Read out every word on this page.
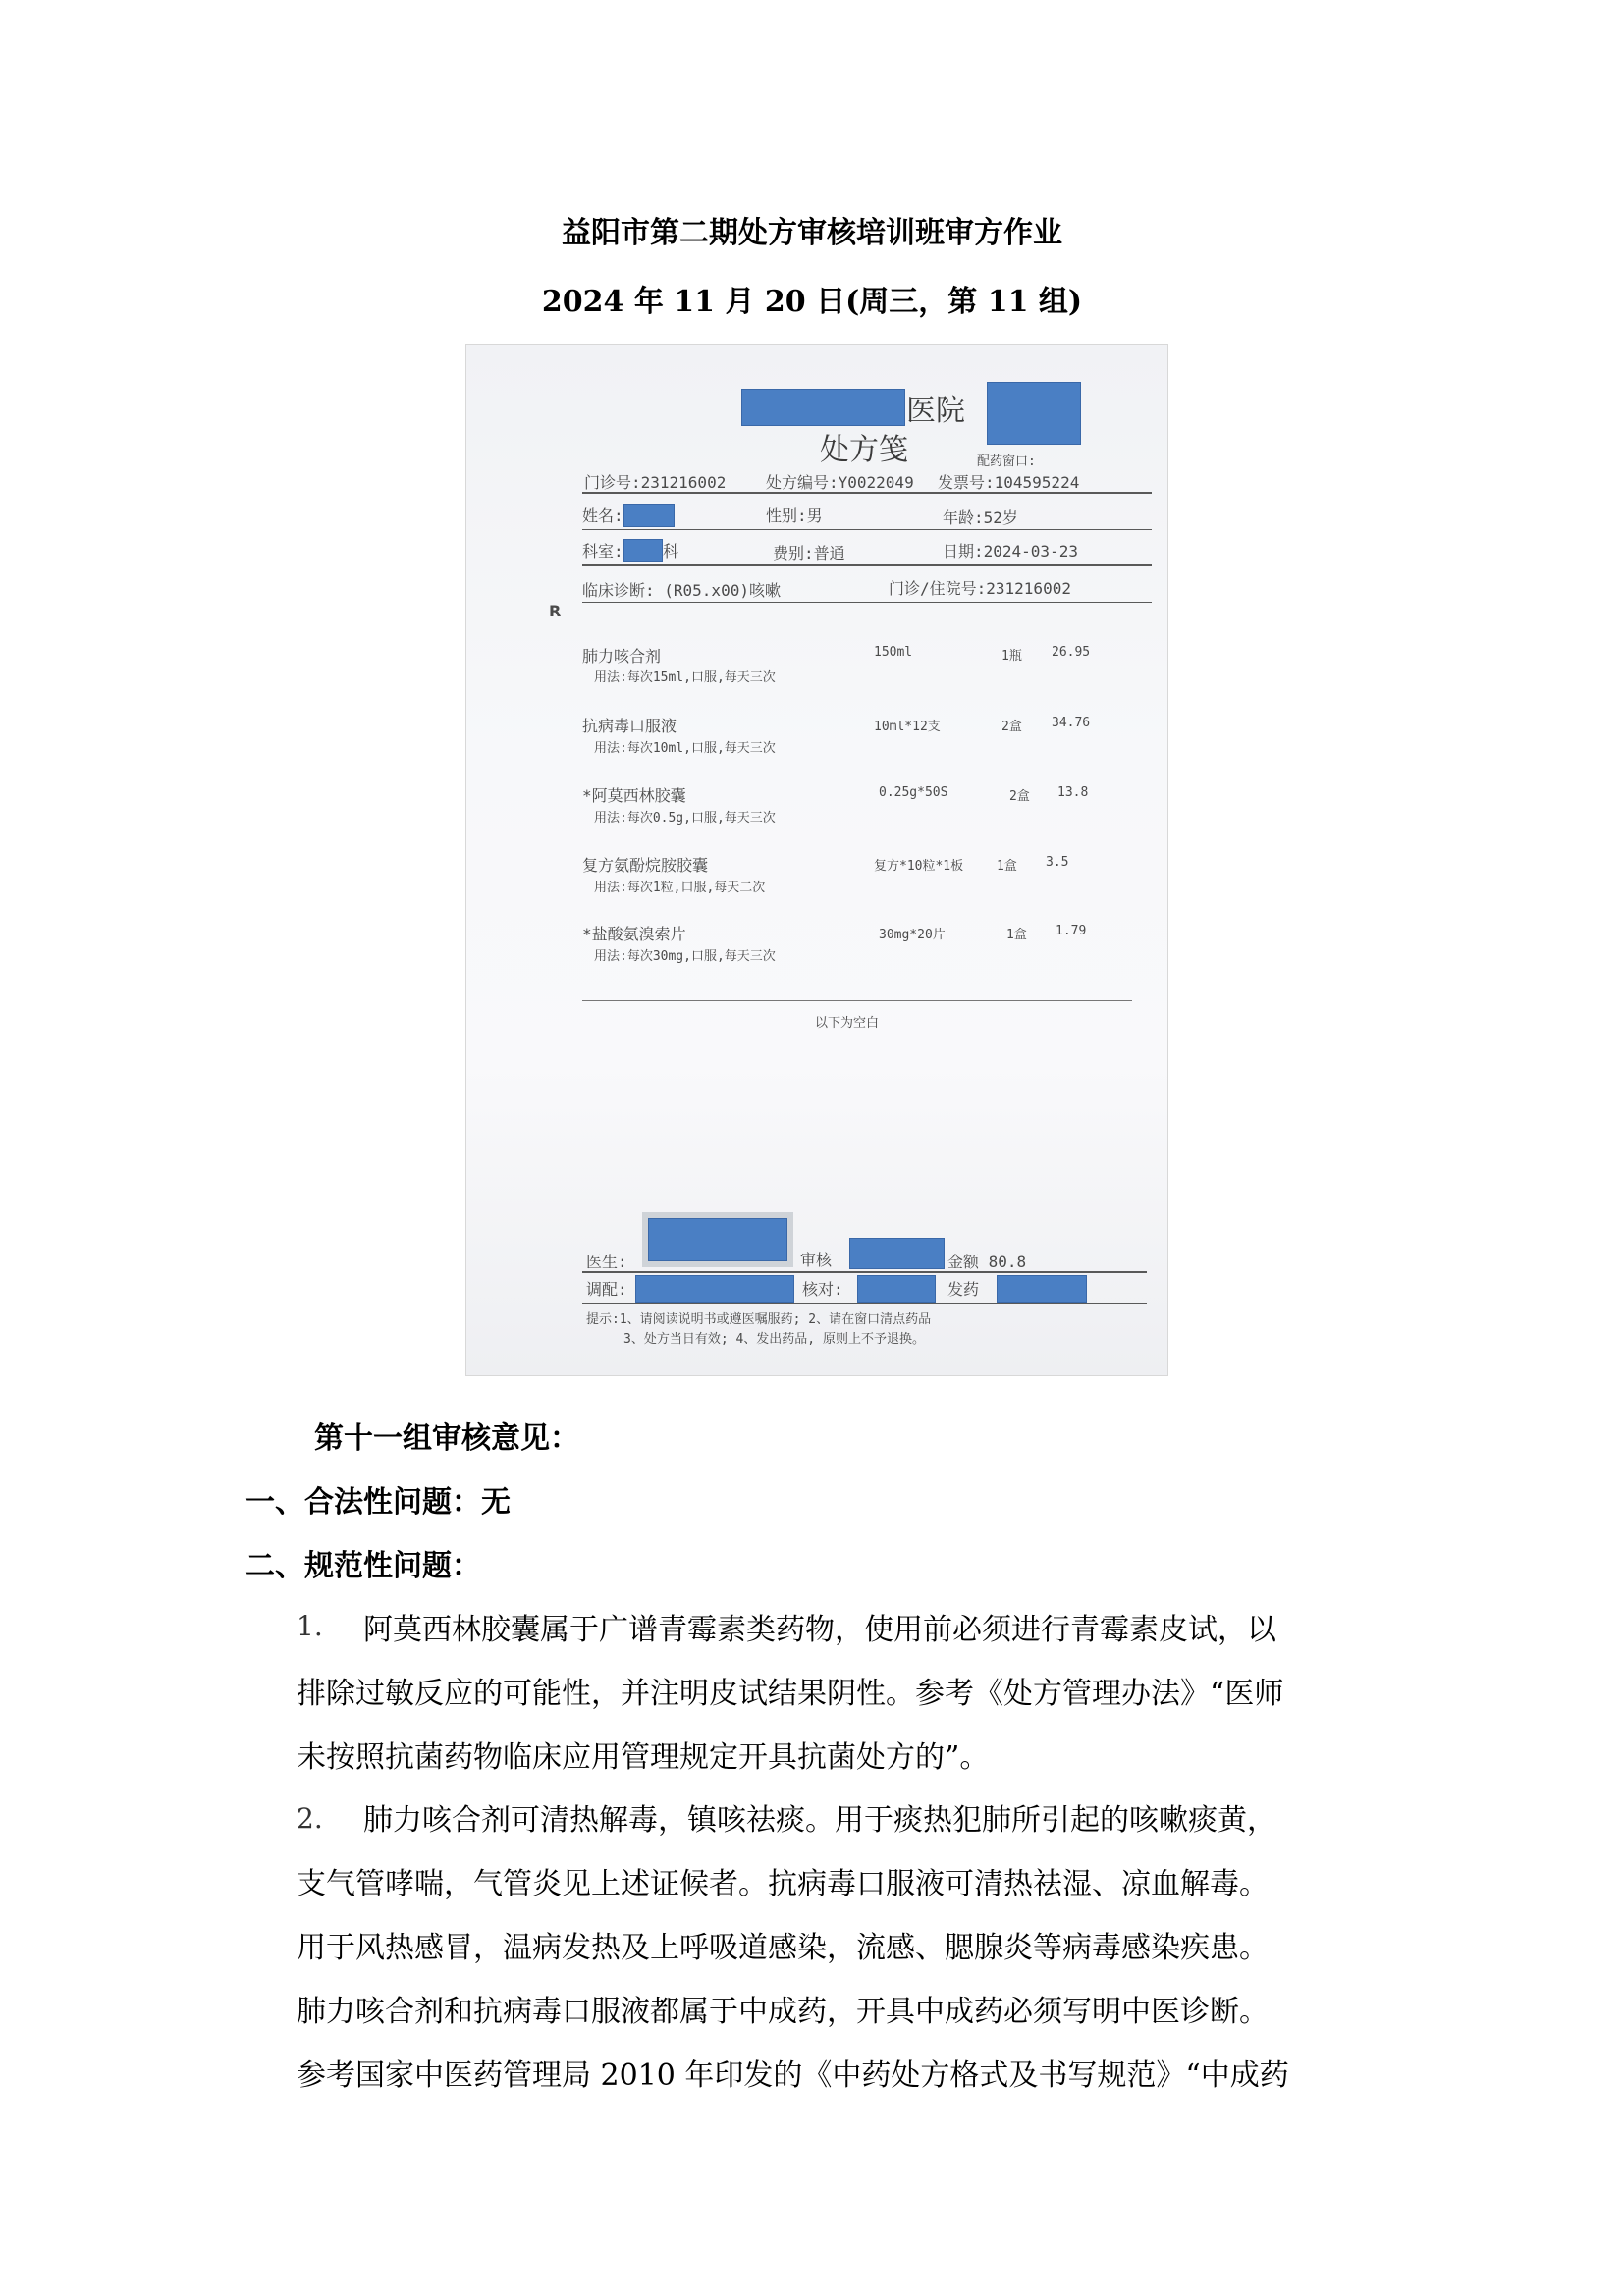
益阳市第二期处方审核培训班审方作业
2024 年 11 月 20 日(周三，第 11 组)
医院
处方笺	配药窗口:
门诊号:231216002	处方编号:Y0022049 发票号:104595224
姓名:	性别:男	年龄:52岁
科室:	科	费别:普通	日期:2024-03-23
临床诊断: (R05.x00)咳嗽	门诊/住院号:231216002
R
肺力咳合剂
用法:每次15ml,口服,每天三次
150ml	1瓶 26.95
抗病毒口服液
用法:每次10ml,口服,每天三次
10ml*12支	2盒 34.76
*阿莫西林胶囊
用法:每次0.5g,口服,每天三次
0.25g*50S	2盒 13.8
复方氨酚烷胺胶囊
用法:每次1粒,口服,每天二次
复方*10粒*1板	1盒 3.5
*盐酸氨溴索片
用法:每次30mg,口服,每天三次
30mg*20片	1盒 1.79
以下为空白
医生:	审核	金额 80.8
调配:	核对:	发药
提示:1、请阅读说明书或遵医嘱服药; 2、请在窗口清点药品
3、处方当日有效; 4、发出药品, 原则上不予退换。
第十一组审核意见：
一、合法性问题：无
二、规范性问题：
1.	阿莫西林胶囊属于广谱青霉素类药物，使用前必须进行青霉素皮试，以
排除过敏反应的可能性，并注明皮试结果阴性。参考《处方管理办法》“医师
未按照抗菌药物临床应用管理规定开具抗菌处方的”。
2.	肺力咳合剂可清热解毒，镇咳祛痰。用于痰热犯肺所引起的咳嗽痰黄，
支气管哮喘，气管炎见上述证候者。抗病毒口服液可清热祛湿、凉血解毒。
用于风热感冒，温病发热及上呼吸道感染，流感、腮腺炎等病毒感染疾患。
肺力咳合剂和抗病毒口服液都属于中成药，开具中成药必须写明中医诊断。
参考国家中医药管理局 2010 年印发的《中药处方格式及书写规范》“中成药
